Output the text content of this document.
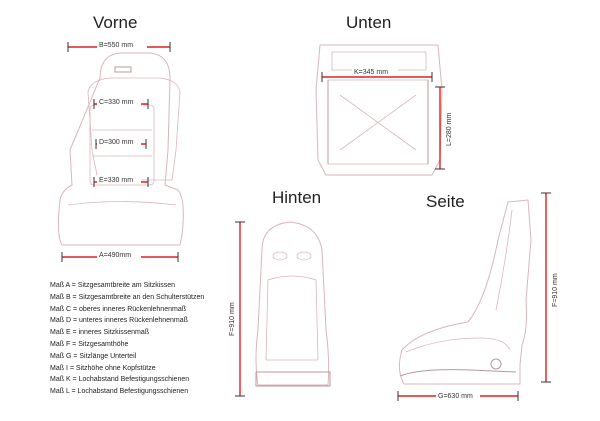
Vorne
B=550 mm
C=330 mm
D=300 mm
E=330 mm
A=490mm
Unten
K=345 mm
L=280 mm
Hinten
F=910 mm
Seite
F=910 mm
G=630 mm
Maß A = Sitzgesamtbreite am Sitzkissen
Maß B = Sitzgesamtbreite an den Schulterstützen
Maß C = oberes inneres Rückenlehnenmaß
Maß D = unteres inneres Rückenlehnenmaß
Maß E = inneres Sitzkissenmaß
Maß F = Sitzgesamthöhe
Maß G = Sitzlänge Unterteil
Maß I = Sitzhöhe ohne Kopfstütze
Maß K = Lochabstand Befestigungsschienen
Maß L = Lochabstand Befestigungsschienen
